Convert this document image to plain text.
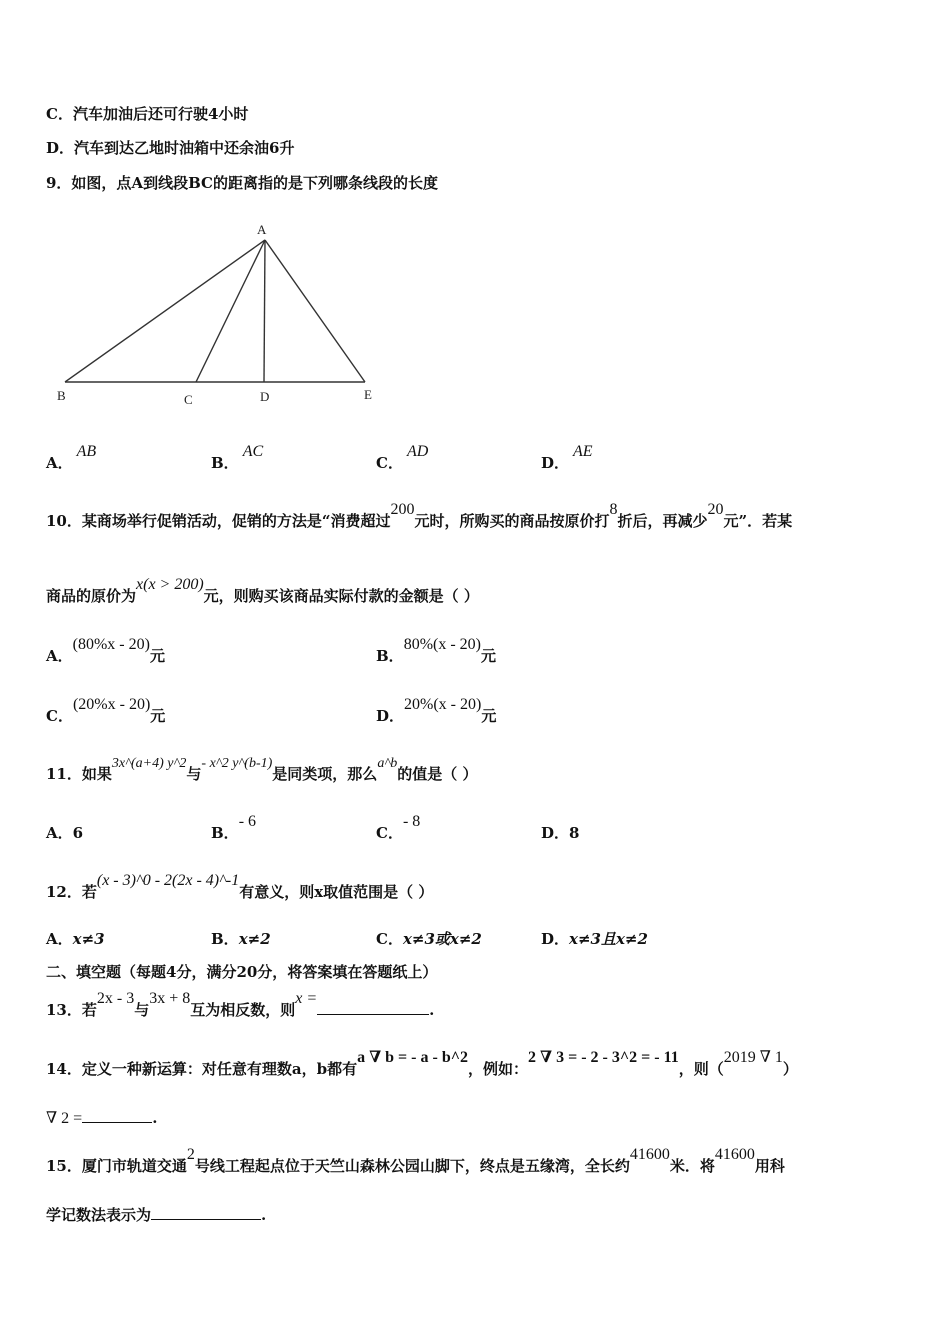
C．汽车加油后还可行驶4小时
D．汽车到达乙地时油箱中还余油6升
9．如图，点A到线段BC的距离指的是下列哪条线段的长度
A
B	C	D	E
A．AB
B．AC
C．AD
D．AE
10．某商场举行促销活动，促销的方法是“消费超过200元时，所购买的商品按原价打8折后，再减少20元”．若某
商品的原价为x(x > 200)元，则购买该商品实际付款的金额是（ ）
A．(80%x - 20)元	B．80%(x - 20)元
C．(20%x - 20)元	D．20%(x - 20)元
11．如果3x^(a+4) y^2与- x^2 y^(b-1)是同类项，那么a^b的值是（ ）
A．6	B．- 6
C．- 8
D．8
12．若(x - 3)^0 - 2(2x - 4)^-1有意义，则x取值范围是（ ）
A．x≠3	B．x≠2	C．x≠3或x≠2	D．x≠3且x≠2
二、填空题（每题4分，满分20分，将答案填在答题纸上）
13．若2x - 3与3x + 8互为相反数，则x =.
14．定义一种新运算：对任意有理数a，b都有a ∇ b = - a - b^2，例如：2 ∇ 3 = - 2 - 3^2 = - 11，则（2019 ∇ 1）
∇ 2 =	.
15．厦门市轨道交通2号线工程起点位于天竺山森林公园山脚下，终点是五缘湾，全长约41600米．将41600用科
学记数法表示为	.
